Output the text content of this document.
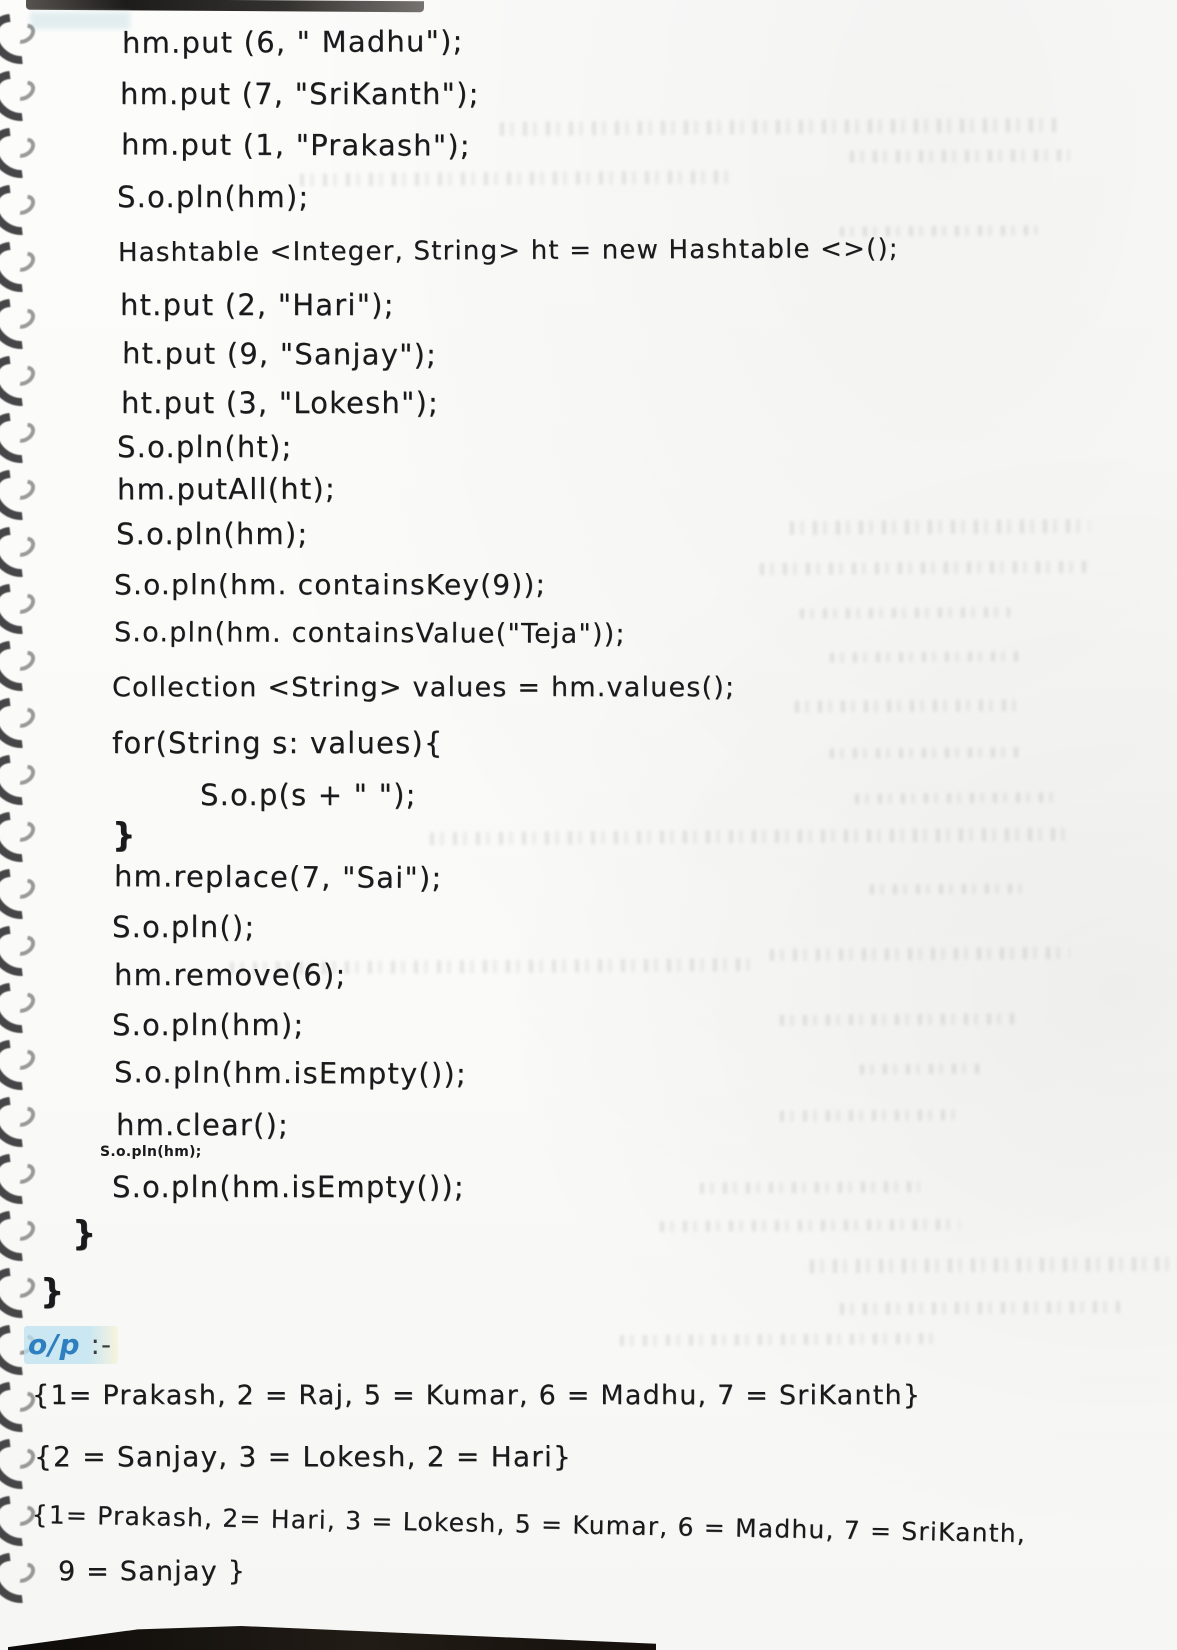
hm.put (6, " Madhu");
hm.put (7, "SriKanth");
hm.put (1, "Prakash");
S.o.pln(hm);
Hashtable <Integer, String> ht = new Hashtable <>();
ht.put (2, "Hari");
ht.put (9, "Sanjay");
ht.put (3, "Lokesh");
S.o.pln(ht);
hm.putAll(ht);
S.o.pln(hm);
S.o.pln(hm. containsKey(9));
S.o.pln(hm. containsValue("Teja"));
Collection <String> values = hm.values();
for(String s: values){
S.o.p(s + " ");
}
hm.replace(7, "Sai");
S.o.pln();
hm.remove(6);
S.o.pln(hm);
S.o.pln(hm.isEmpty());
hm.clear();
S.o.pln(hm);
S.o.pln(hm.isEmpty());
}
}
o/p :-
{1= Prakash, 2 = Raj, 5 = Kumar, 6 = Madhu, 7 = SriKanth}
{2 = Sanjay, 3 = Lokesh, 2 = Hari}
{1= Prakash, 2= Hari, 3 = Lokesh, 5 = Kumar, 6 = Madhu, 7 = SriKanth,
9 = Sanjay }
